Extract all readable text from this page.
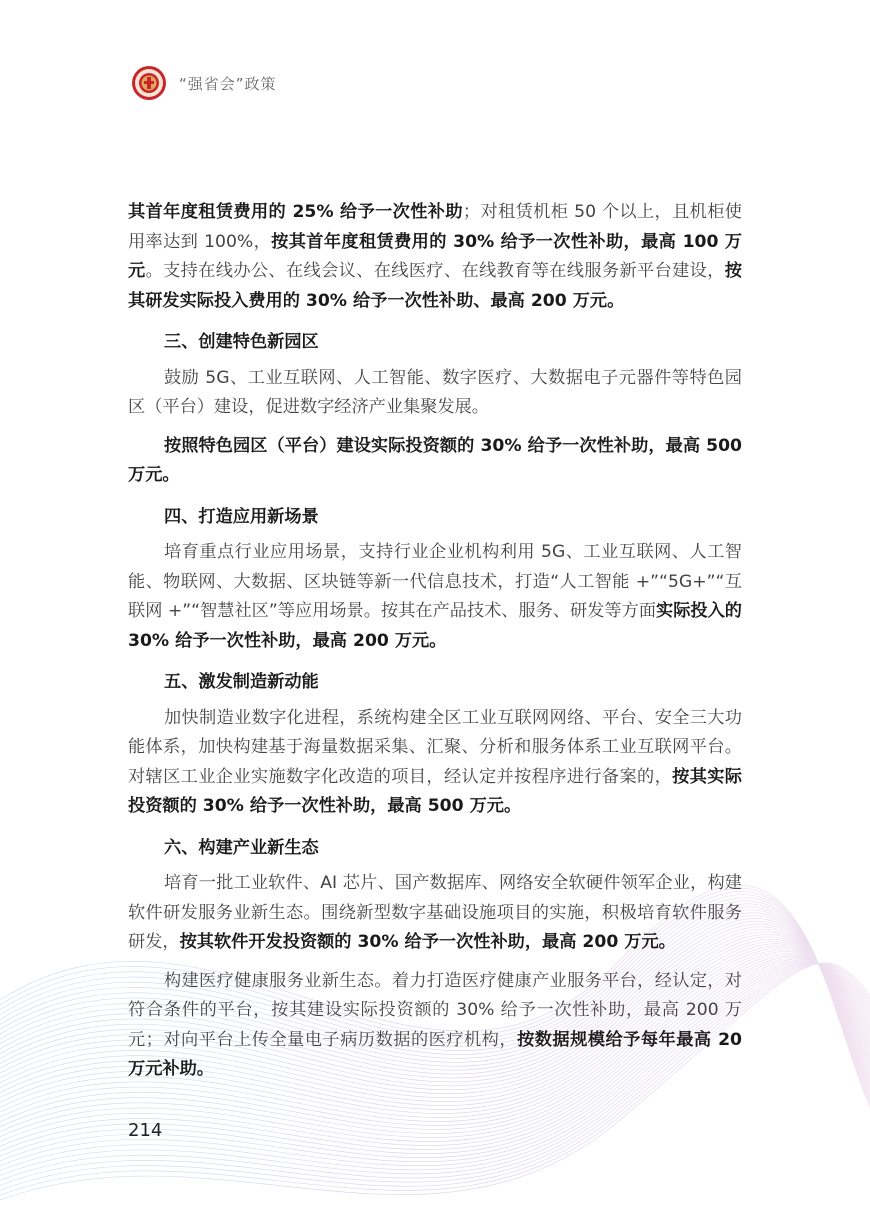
“强省会”政策

其首年度租赁费用的 25% 给予一次性补助；对租赁机柜 50 个以上，且机柜使用率达到 100%，按其首年度租赁费用的 30% 给予一次性补助，最高 100 万元。支持在线办公、在线会议、在线医疗、在线教育等在线服务新平台建设，按其研发实际投入费用的 30% 给予一次性补助、最高 200 万元。

三、创建特色新园区

鼓励 5G、工业互联网、人工智能、数字医疗、大数据电子元器件等特色园区（平台）建设，促进数字经济产业集聚发展。

按照特色园区（平台）建设实际投资额的 30% 给予一次性补助，最高 500 万元。

四、打造应用新场景

培育重点行业应用场景，支持行业企业机构利用 5G、工业互联网、人工智能、物联网、大数据、区块链等新一代信息技术，打造“人工智能 +”“5G+”“互联网 +”“智慧社区”等应用场景。按其在产品技术、服务、研发等方面实际投入的 30% 给予一次性补助，最高 200 万元。

五、激发制造新动能

加快制造业数字化进程，系统构建全区工业互联网网络、平台、安全三大功能体系，加快构建基于海量数据采集、汇聚、分析和服务体系工业互联网平台。对辖区工业企业实施数字化改造的项目，经认定并按程序进行备案的，按其实际投资额的 30% 给予一次性补助，最高 500 万元。

六、构建产业新生态

培育一批工业软件、AI 芯片、国产数据库、网络安全软硬件领军企业，构建软件研发服务业新生态。围绕新型数字基础设施项目的实施，积极培育软件服务研发，按其软件开发投资额的 30% 给予一次性补助，最高 200 万元。

构建医疗健康服务业新生态。着力打造医疗健康产业服务平台，经认定，对符合条件的平台，按其建设实际投资额的 30% 给予一次性补助，最高 200 万元；对向平台上传全量电子病历数据的医疗机构，按数据规模给予每年最高 20 万元补助。

214
